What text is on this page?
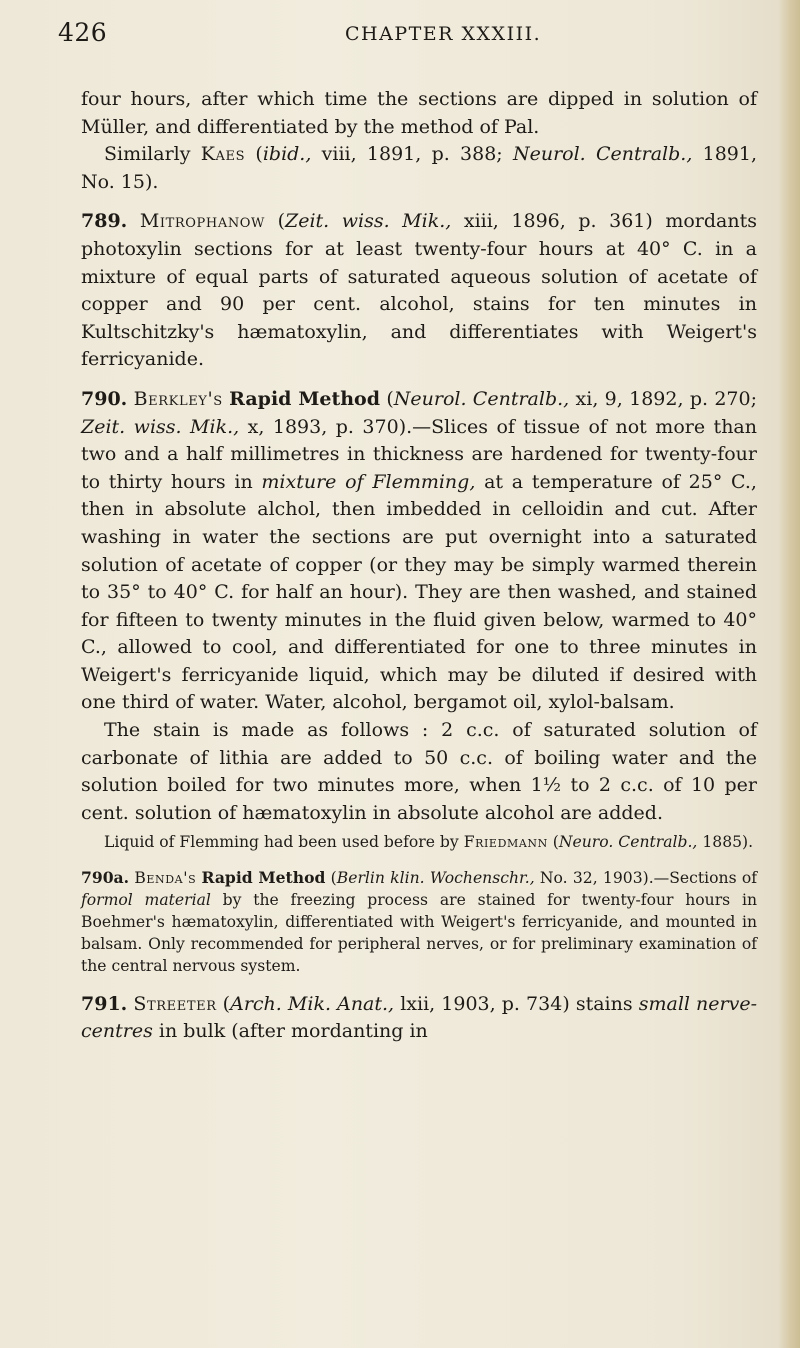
426	CHAPTER XXXIII.

four hours, after which time the sections are dipped in solution of Müller, and differentiated by the method of Pal.

Similarly Kaes (ibid., viii, 1891, p. 388; Neurol. Centralb., 1891, No. 15).

789. Mitrophanow (Zeit. wiss. Mik., xiii, 1896, p. 361) mordants photoxylin sections for at least twenty-four hours at 40° C. in a mixture of equal parts of saturated aqueous solution of acetate of copper and 90 per cent. alcohol, stains for ten minutes in Kultschitzky's hæmatoxylin, and differentiates with Weigert's ferricyanide.

790. Berkley's Rapid Method (Neurol. Centralb., xi, 9, 1892, p. 270; Zeit. wiss. Mik., x, 1893, p. 370).—Slices of tissue of not more than two and a half millimetres in thickness are hardened for twenty-four to thirty hours in mixture of Flemming, at a temperature of 25° C., then in absolute alchol, then imbedded in celloidin and cut. After washing in water the sections are put overnight into a saturated solution of acetate of copper (or they may be simply warmed therein to 35° to 40° C. for half an hour). They are then washed, and stained for fifteen to twenty minutes in the fluid given below, warmed to 40° C., allowed to cool, and differentiated for one to three minutes in Weigert's ferricyanide liquid, which may be diluted if desired with one third of water. Water, alcohol, bergamot oil, xylol-balsam.

The stain is made as follows : 2 c.c. of saturated solution of carbonate of lithia are added to 50 c.c. of boiling water and the solution boiled for two minutes more, when 1½ to 2 c.c. of 10 per cent. solution of hæmatoxylin in absolute alcohol are added.

Liquid of Flemming had been used before by Friedmann (Neuro. Centralb., 1885).

790a. Benda's Rapid Method (Berlin klin. Wochenschr., No. 32, 1903).—Sections of formol material by the freezing process are stained for twenty-four hours in Boehmer's hæmatoxylin, differentiated with Weigert's ferricyanide, and mounted in balsam. Only recommended for peripheral nerves, or for preliminary examination of the central nervous system.

791. Streeter (Arch. Mik. Anat., lxii, 1903, p. 734) stains small nerve-centres in bulk (after mordanting in
